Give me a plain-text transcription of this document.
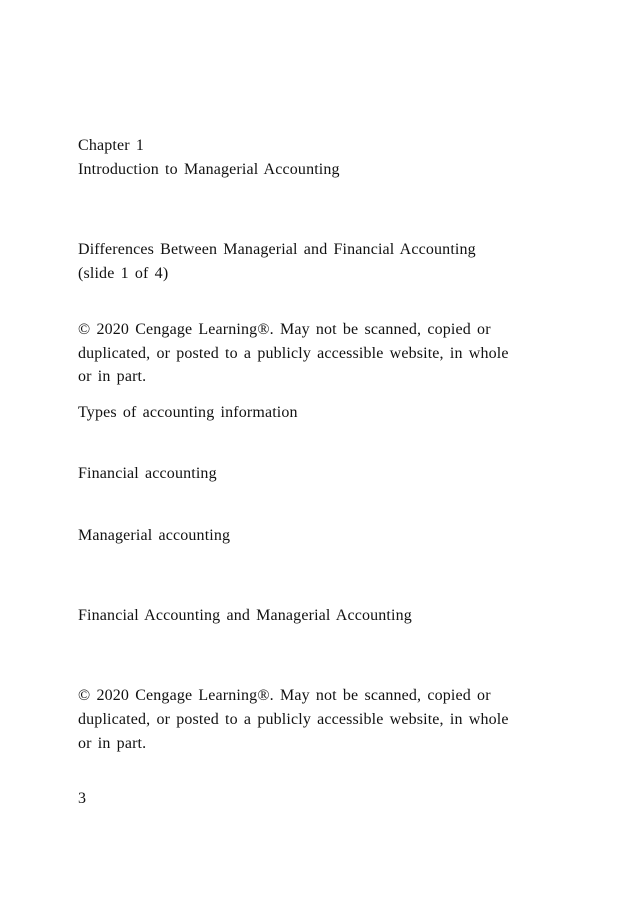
Chapter 1
Introduction to Managerial Accounting
Differences Between Managerial and Financial Accounting
(slide 1 of 4)
© 2020 Cengage Learning®. May not be scanned, copied or
duplicated, or posted to a publicly accessible website, in whole
or in part.
Types of accounting information
Financial accounting
Managerial accounting
Financial Accounting and Managerial Accounting
© 2020 Cengage Learning®. May not be scanned, copied or
duplicated, or posted to a publicly accessible website, in whole
or in part.
3
